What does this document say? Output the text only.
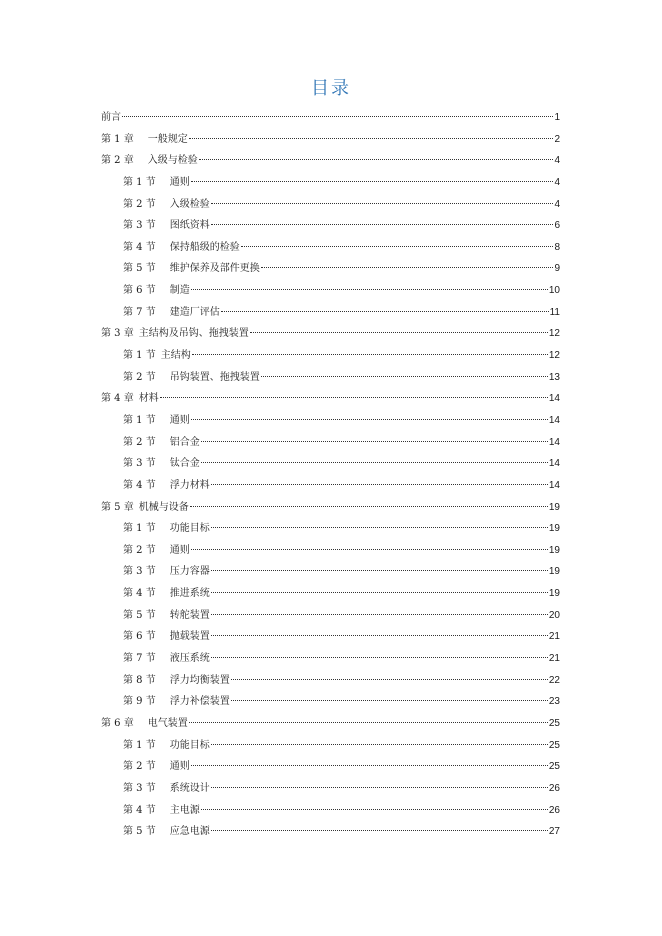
目录
前言	1
第 1 章 一般规定	2
第 2 章 入级与检验	4
第 1 节 通则	4
第 2 节 入级检验	4
第 3 节 图纸资料	6
第 4 节 保持船级的检验	8
第 5 节 维护保养及部件更换	9
第 6 节 制造	10
第 7 节 建造厂评估	11
第 3 章 主结构及吊钩、拖拽装置	12
第 1 节 主结构	12
第 2 节 吊钩装置、拖拽装置	13
第 4 章 材料	14
第 1 节 通则	14
第 2 节 铝合金	14
第 3 节 钛合金	14
第 4 节 浮力材料	14
第 5 章 机械与设备	19
第 1 节 功能目标	19
第 2 节 通则	19
第 3 节 压力容器	19
第 4 节 推进系统	19
第 5 节 转舵装置	20
第 6 节 抛载装置	21
第 7 节 液压系统	21
第 8 节 浮力均衡装置	22
第 9 节 浮力补偿装置	23
第 6 章 电气装置	25
第 1 节 功能目标	25
第 2 节 通则	25
第 3 节 系统设计	26
第 4 节 主电源	26
第 5 节 应急电源	27
